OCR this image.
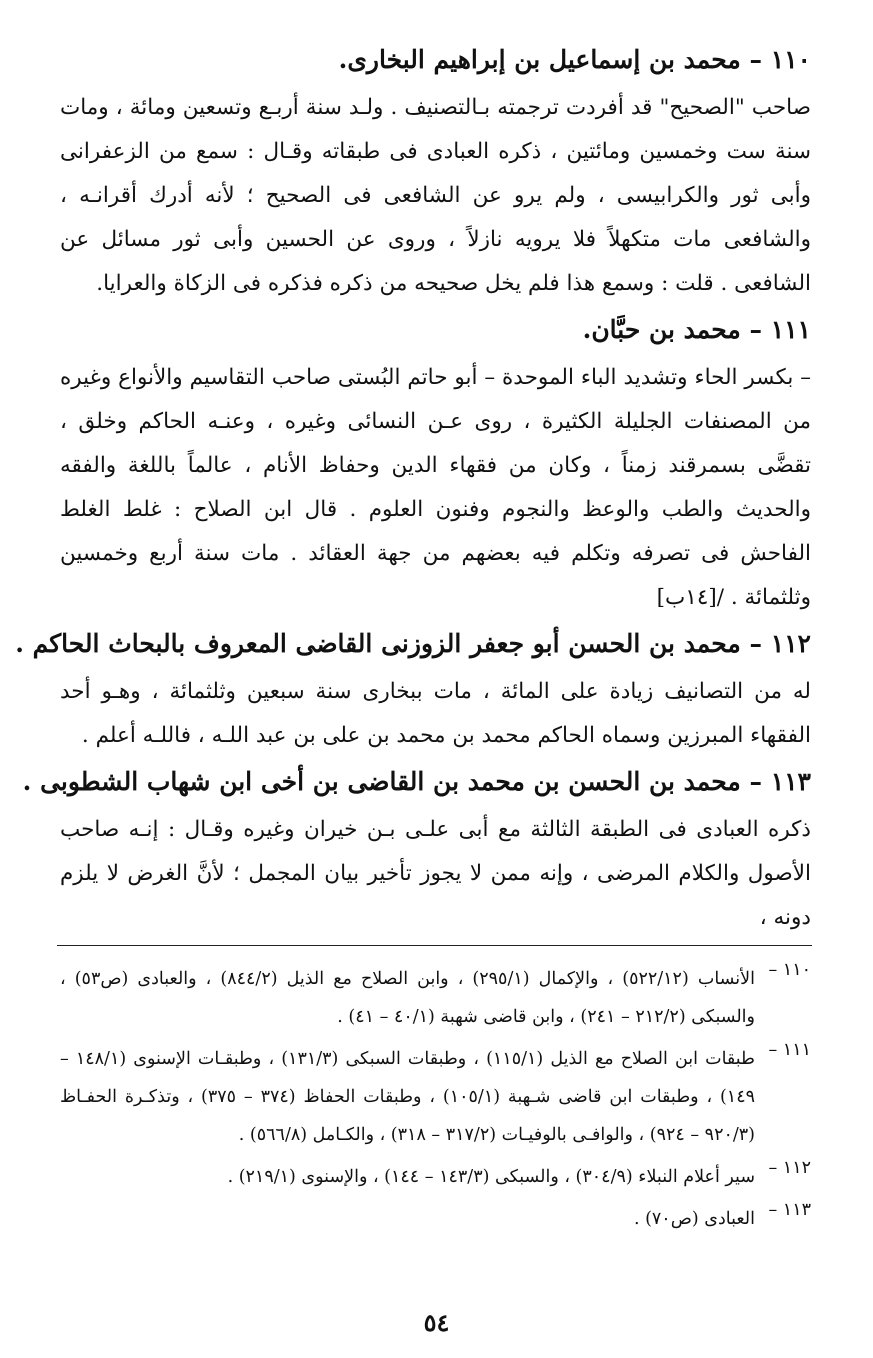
١١٠ – محمد بن إسماعيل بن إبراهيم البخارى.

صاحب "الصحيح" قد أفردت ترجمته بـالتصنيف . ولـد سنة أربـع وتسعين ومائة ، ومات سنة ست وخمسين ومائتين ، ذكره العبادى فى طبقاته وقـال : سمع من الزعفرانى وأبى ثور والكرابيسى ، ولم يرو عن الشافعى فى الصحيح ؛ لأنه أدرك أقرانـه ، والشافعى مات متكهلاً فلا يرويه نازلاً ، وروى عن الحسين وأبى ثور مسائل عن الشافعى . قلت : وسمع هذا فلم يخل صحيحه من ذكره فذكره فى الزكاة والعرايا.

١١١ – محمد بن حبَّان.

– بكسر الحاء وتشديد الباء الموحدة – أبو حاتم البُستى صاحب التقاسيم والأنواع وغيره من المصنفات الجليلة الكثيرة ، روى عـن النسائى وغيره ، وعنـه الحاكم وخلق ، تقضَّى بسمرقند زمناً ، وكان من فقهاء الدين وحفاظ الأنام ، عالماً باللغة والفقه والحديث والطب والوعظ والنجوم وفنون العلوم . قال ابن الصلاح : غلط الغلط الفاحش فى تصرفه وتكلم فيه بعضهم من جهة العقائد . مات سنة أربع وخمسين وثلثمائة . /[١٤ب]

١١٢ – محمد بن الحسن أبو جعفر الزوزنى القاضى المعروف بالبحاث الحاكم .

له من التصانيف زيادة على المائة ، مات ببخارى سنة سبعين وثلثمائة ، وهـو أحد الفقهاء المبرزين وسماه الحاكم محمد بن محمد بن على بن عبد اللـه ، فاللـه أعلم .

١١٣ – محمد بن الحسن بن محمد بن القاضى بن أخى ابن شهاب الشطوبى .

ذكره العبادى فى الطبقة الثالثة مع أبى علـى بـن خيران وغيره وقـال : إنـه صاحب الأصول والكلام المرضى ، وإنه ممن لا يجوز تأخير بيان المجمل ؛ لأنَّ الغرض لا يلزم دونه ،

١١٠ –
الأنساب (٥٢٢/١٢) ، والإكمال (٢٩٥/١) ، وابن الصلاح مع الذيل (٨٤٤/٢) ، والعبادى (ص٥٣) ، والسبكى (٢١٢/٢ – ٢٤١) ، وابن قاضى شهبة (٤٠/١ – ٤١) .
١١١ –
طبقات ابن الصلاح مع الذيل (١١٥/١) ، وطبقات السبكى (١٣١/٣) ، وطبقـات الإسنوى (١٤٨/١ – ١٤٩) ، وطبقات ابن قاضى شـهبة (١٠٥/١) ، وطبقات الحفاظ (٣٧٤ – ٣٧٥) ، وتذكـرة الحفـاظ (٩٢٠/٣ – ٩٢٤) ، والوافـى بالوفيـات (٣١٧/٢ – ٣١٨) ، والكـامل (٥٦٦/٨) .
١١٢ –
سير أعلام النبلاء (٣٠٤/٩) ، والسبكى (١٤٣/٣ – ١٤٤) ، والإسنوى (٢١٩/١) .
١١٣ –
العبادى (ص٧٠) .
٥٤
